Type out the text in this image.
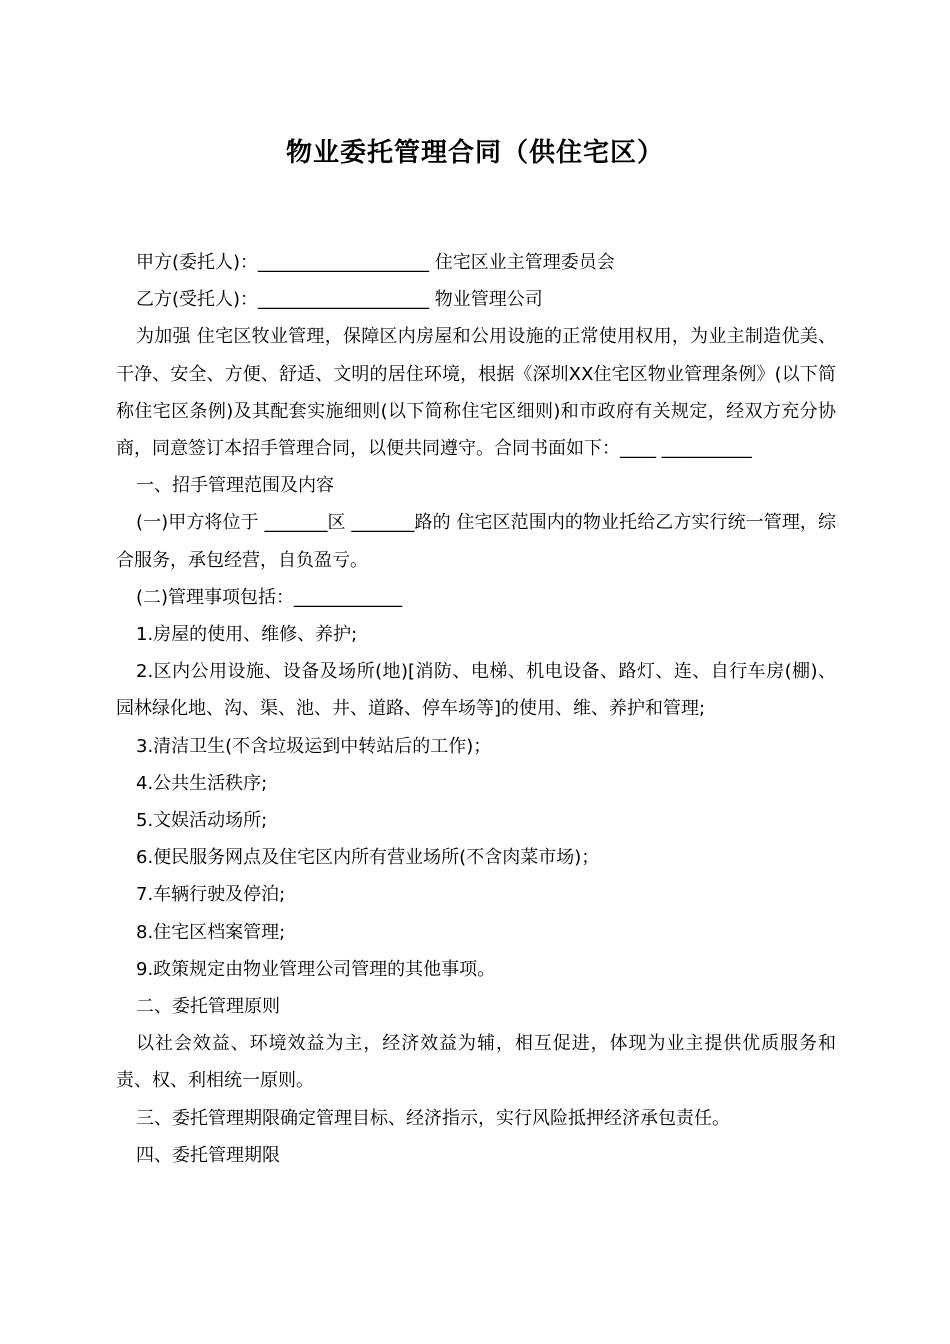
物业委托管理合同（供住宅区）

甲方(委托人)：___________________ 住宅区业主管理委员会

乙方(受托人)：___________________ 物业管理公司

为加强 住宅区牧业管理，保障区内房屋和公用设施的正常使用权用，为业主制造优美、干净、安全、方便、舒适、文明的居住环境，根据《深圳XX住宅区物业管理条例》(以下简称住宅区条例)及其配套实施细则(以下简称住宅区细则)和市政府有关规定，经双方充分协商，同意签订本招手管理合同，以便共同遵守。合同书面如下：____ __________

一、招手管理范围及内容

(一)甲方将位于 _______区 _______路的 住宅区范围内的物业托给乙方实行统一管理，综合服务，承包经营，自负盈亏。

(二)管理事项包括：____________

1.房屋的使用、维修、养护;

2.区内公用设施、设备及场所(地)[消防、电梯、机电设备、路灯、连、自行车房(棚)、园林绿化地、沟、渠、池、井、道路、停车场等]的使用、维、养护和管理;

3.清洁卫生(不含垃圾运到中转站后的工作)；

4.公共生活秩序;

5.文娱活动场所;

6.便民服务网点及住宅区内所有营业场所(不含肉菜市场)；

7.车辆行驶及停泊;

8.住宅区档案管理;

9.政策规定由物业管理公司管理的其他事项。

二、委托管理原则

以社会效益、环境效益为主，经济效益为辅，相互促进，体现为业主提供优质服务和责、权、利相统一原则。

三、委托管理期限确定管理目标、经济指示，实行风险抵押经济承包责任。

四、委托管理期限
